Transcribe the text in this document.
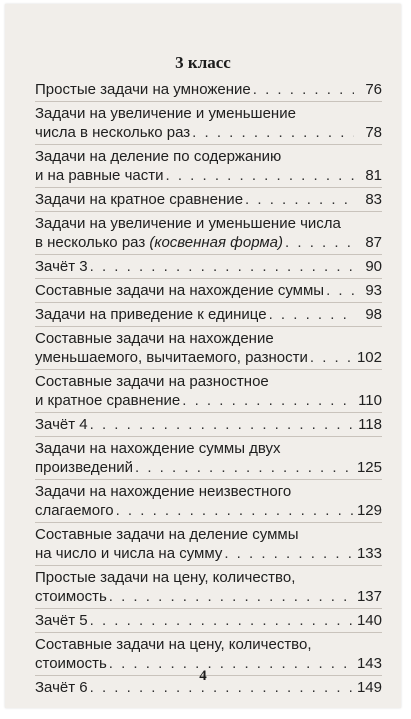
3 класс
Простые задачи на умножение . . .	76
Задачи на увеличение и уменьшение
числа в несколько раз . . .	78
Задачи на деление по содержанию
и на равные части . . .	81
Задачи на кратное сравнение . . .	83
Задачи на увеличение и уменьшение числа
в несколько раз (косвенная форма) . . .	87
Зачёт 3 . . .	90
Составные задачи на нахождение суммы . . .	93
Задачи на приведение к единице . . .	98
Составные задачи на нахождение
уменьшаемого, вычитаемого, разности . . .	102
Составные задачи на разностное
и кратное сравнение . . .	110
Зачёт 4 . . .	118
Задачи на нахождение суммы двух
произведений . . .	125
Задачи на нахождение неизвестного
слагаемого . . .	129
Составные задачи на деление суммы
на число и числа на сумму . . .	133
Простые задачи на цену, количество,
стоимость . . .	137
Зачёт 5 . . .	140
Составные задачи на цену, количество,
стоимость . . .	143
Зачёт 6 . . .	149
4
